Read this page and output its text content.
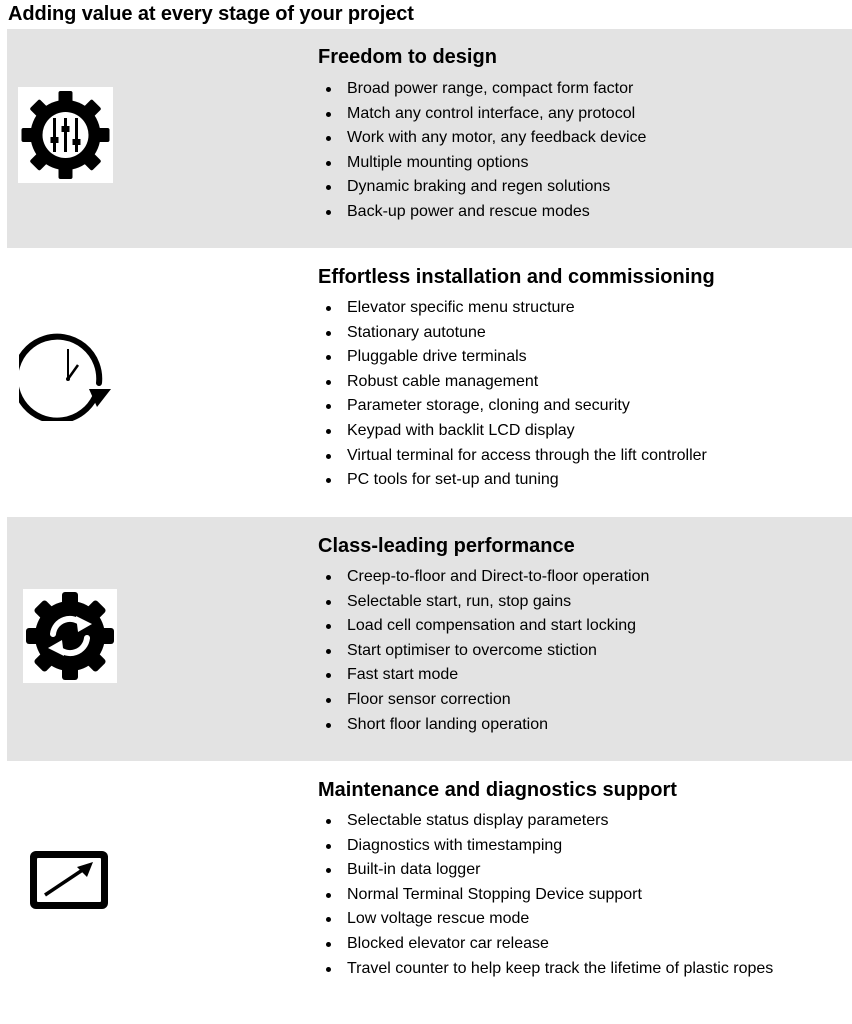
Adding value at every stage of your project
Freedom to design
Broad power range, compact form factor
Match any control interface, any protocol
Work with any motor, any feedback device
Multiple mounting options
Dynamic braking and regen solutions
Back-up power and rescue modes
Effortless installation and commissioning
Elevator specific menu structure
Stationary autotune
Pluggable drive terminals
Robust cable management
Parameter storage, cloning and security
Keypad with backlit LCD display
Virtual terminal for access through the lift controller
PC tools for set-up and tuning
Class-leading performance
Creep-to-floor and Direct-to-floor operation
Selectable start, run, stop gains
Load cell compensation and start locking
Start optimiser to overcome stiction
Fast start mode
Floor sensor correction
Short floor landing operation
Maintenance and diagnostics support
Selectable status display parameters
Diagnostics with timestamping
Built-in data logger
Normal Terminal Stopping Device support
Low voltage rescue mode
Blocked elevator car release
Travel counter to help keep track the lifetime of plastic ropes
